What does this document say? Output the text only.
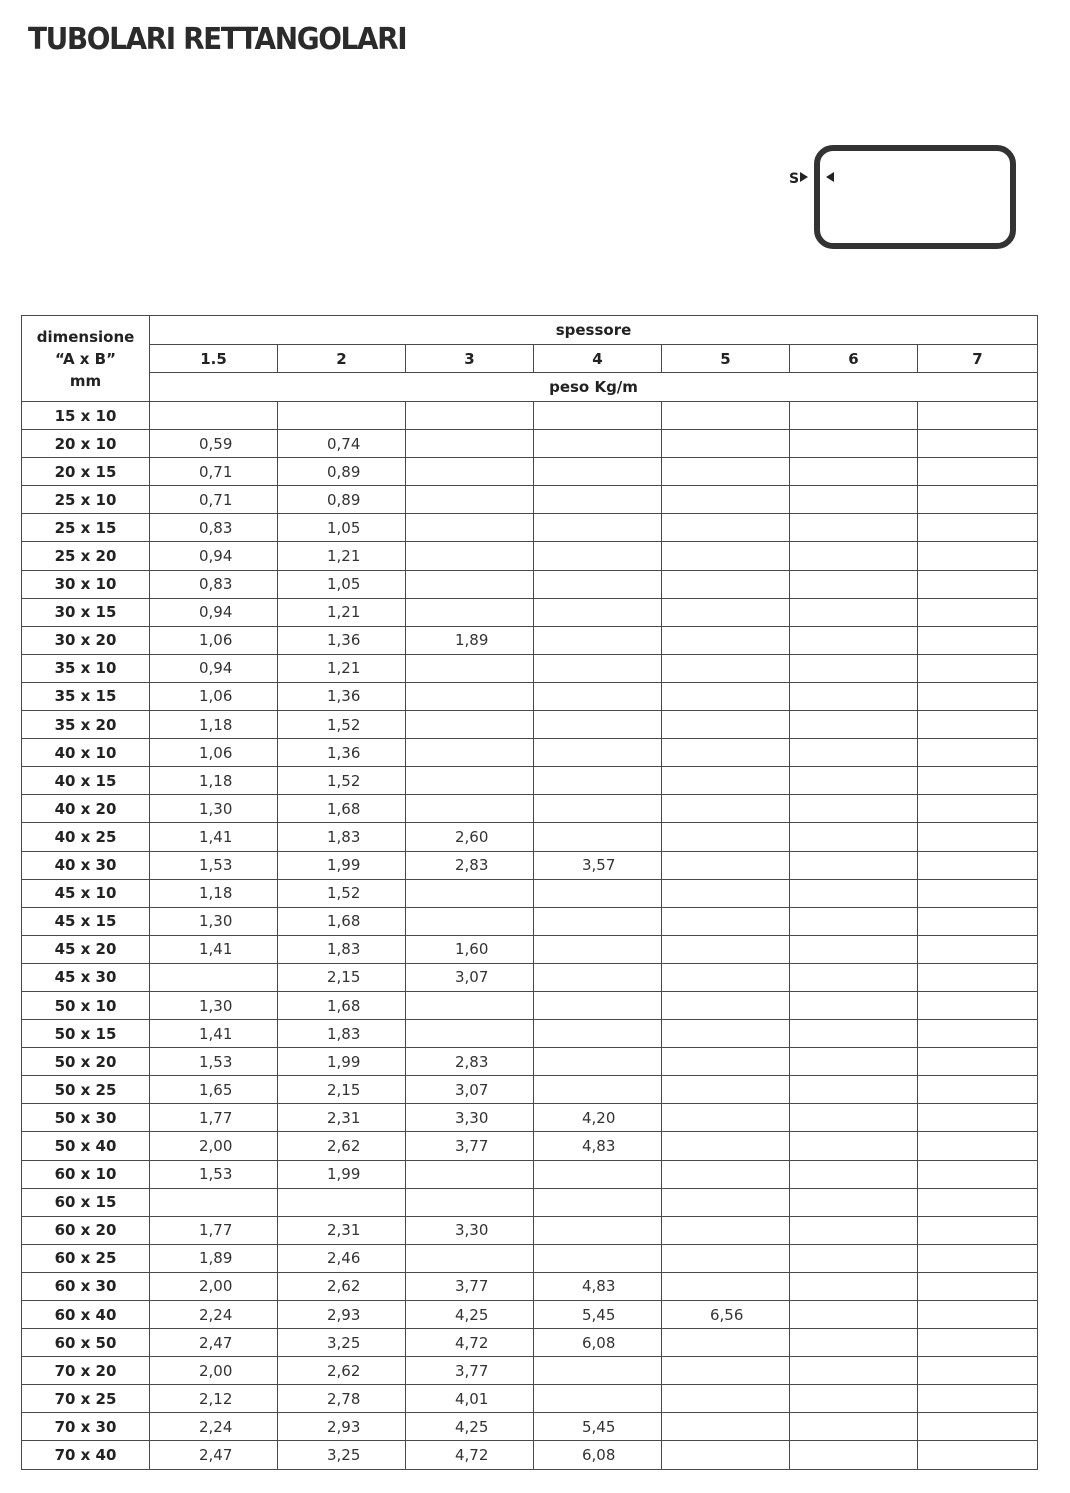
TUBOLARI RETTANGOLARI
S
dimensione
“A x B”
mm	spessore						
	1.5	2	3	4	5	6	7
	peso Kg/m						
15 x 10							
20 x 10	0,59	0,74					
20 x 15	0,71	0,89					
25 x 10	0,71	0,89					
25 x 15	0,83	1,05					
25 x 20	0,94	1,21					
30 x 10	0,83	1,05					
30 x 15	0,94	1,21					
30 x 20	1,06	1,36	1,89				
35 x 10	0,94	1,21					
35 x 15	1,06	1,36					
35 x 20	1,18	1,52					
40 x 10	1,06	1,36					
40 x 15	1,18	1,52					
40 x 20	1,30	1,68					
40 x 25	1,41	1,83	2,60				
40 x 30	1,53	1,99	2,83	3,57			
45 x 10	1,18	1,52					
45 x 15	1,30	1,68					
45 x 20	1,41	1,83	1,60				
45 x 30		2,15	3,07				
50 x 10	1,30	1,68					
50 x 15	1,41	1,83					
50 x 20	1,53	1,99	2,83				
50 x 25	1,65	2,15	3,07				
50 x 30	1,77	2,31	3,30	4,20			
50 x 40	2,00	2,62	3,77	4,83			
60 x 10	1,53	1,99					
60 x 15							
60 x 20	1,77	2,31	3,30				
60 x 25	1,89	2,46					
60 x 30	2,00	2,62	3,77	4,83			
60 x 40	2,24	2,93	4,25	5,45	6,56		
60 x 50	2,47	3,25	4,72	6,08			
70 x 20	2,00	2,62	3,77				
70 x 25	2,12	2,78	4,01				
70 x 30	2,24	2,93	4,25	5,45			
70 x 40	2,47	3,25	4,72	6,08			
